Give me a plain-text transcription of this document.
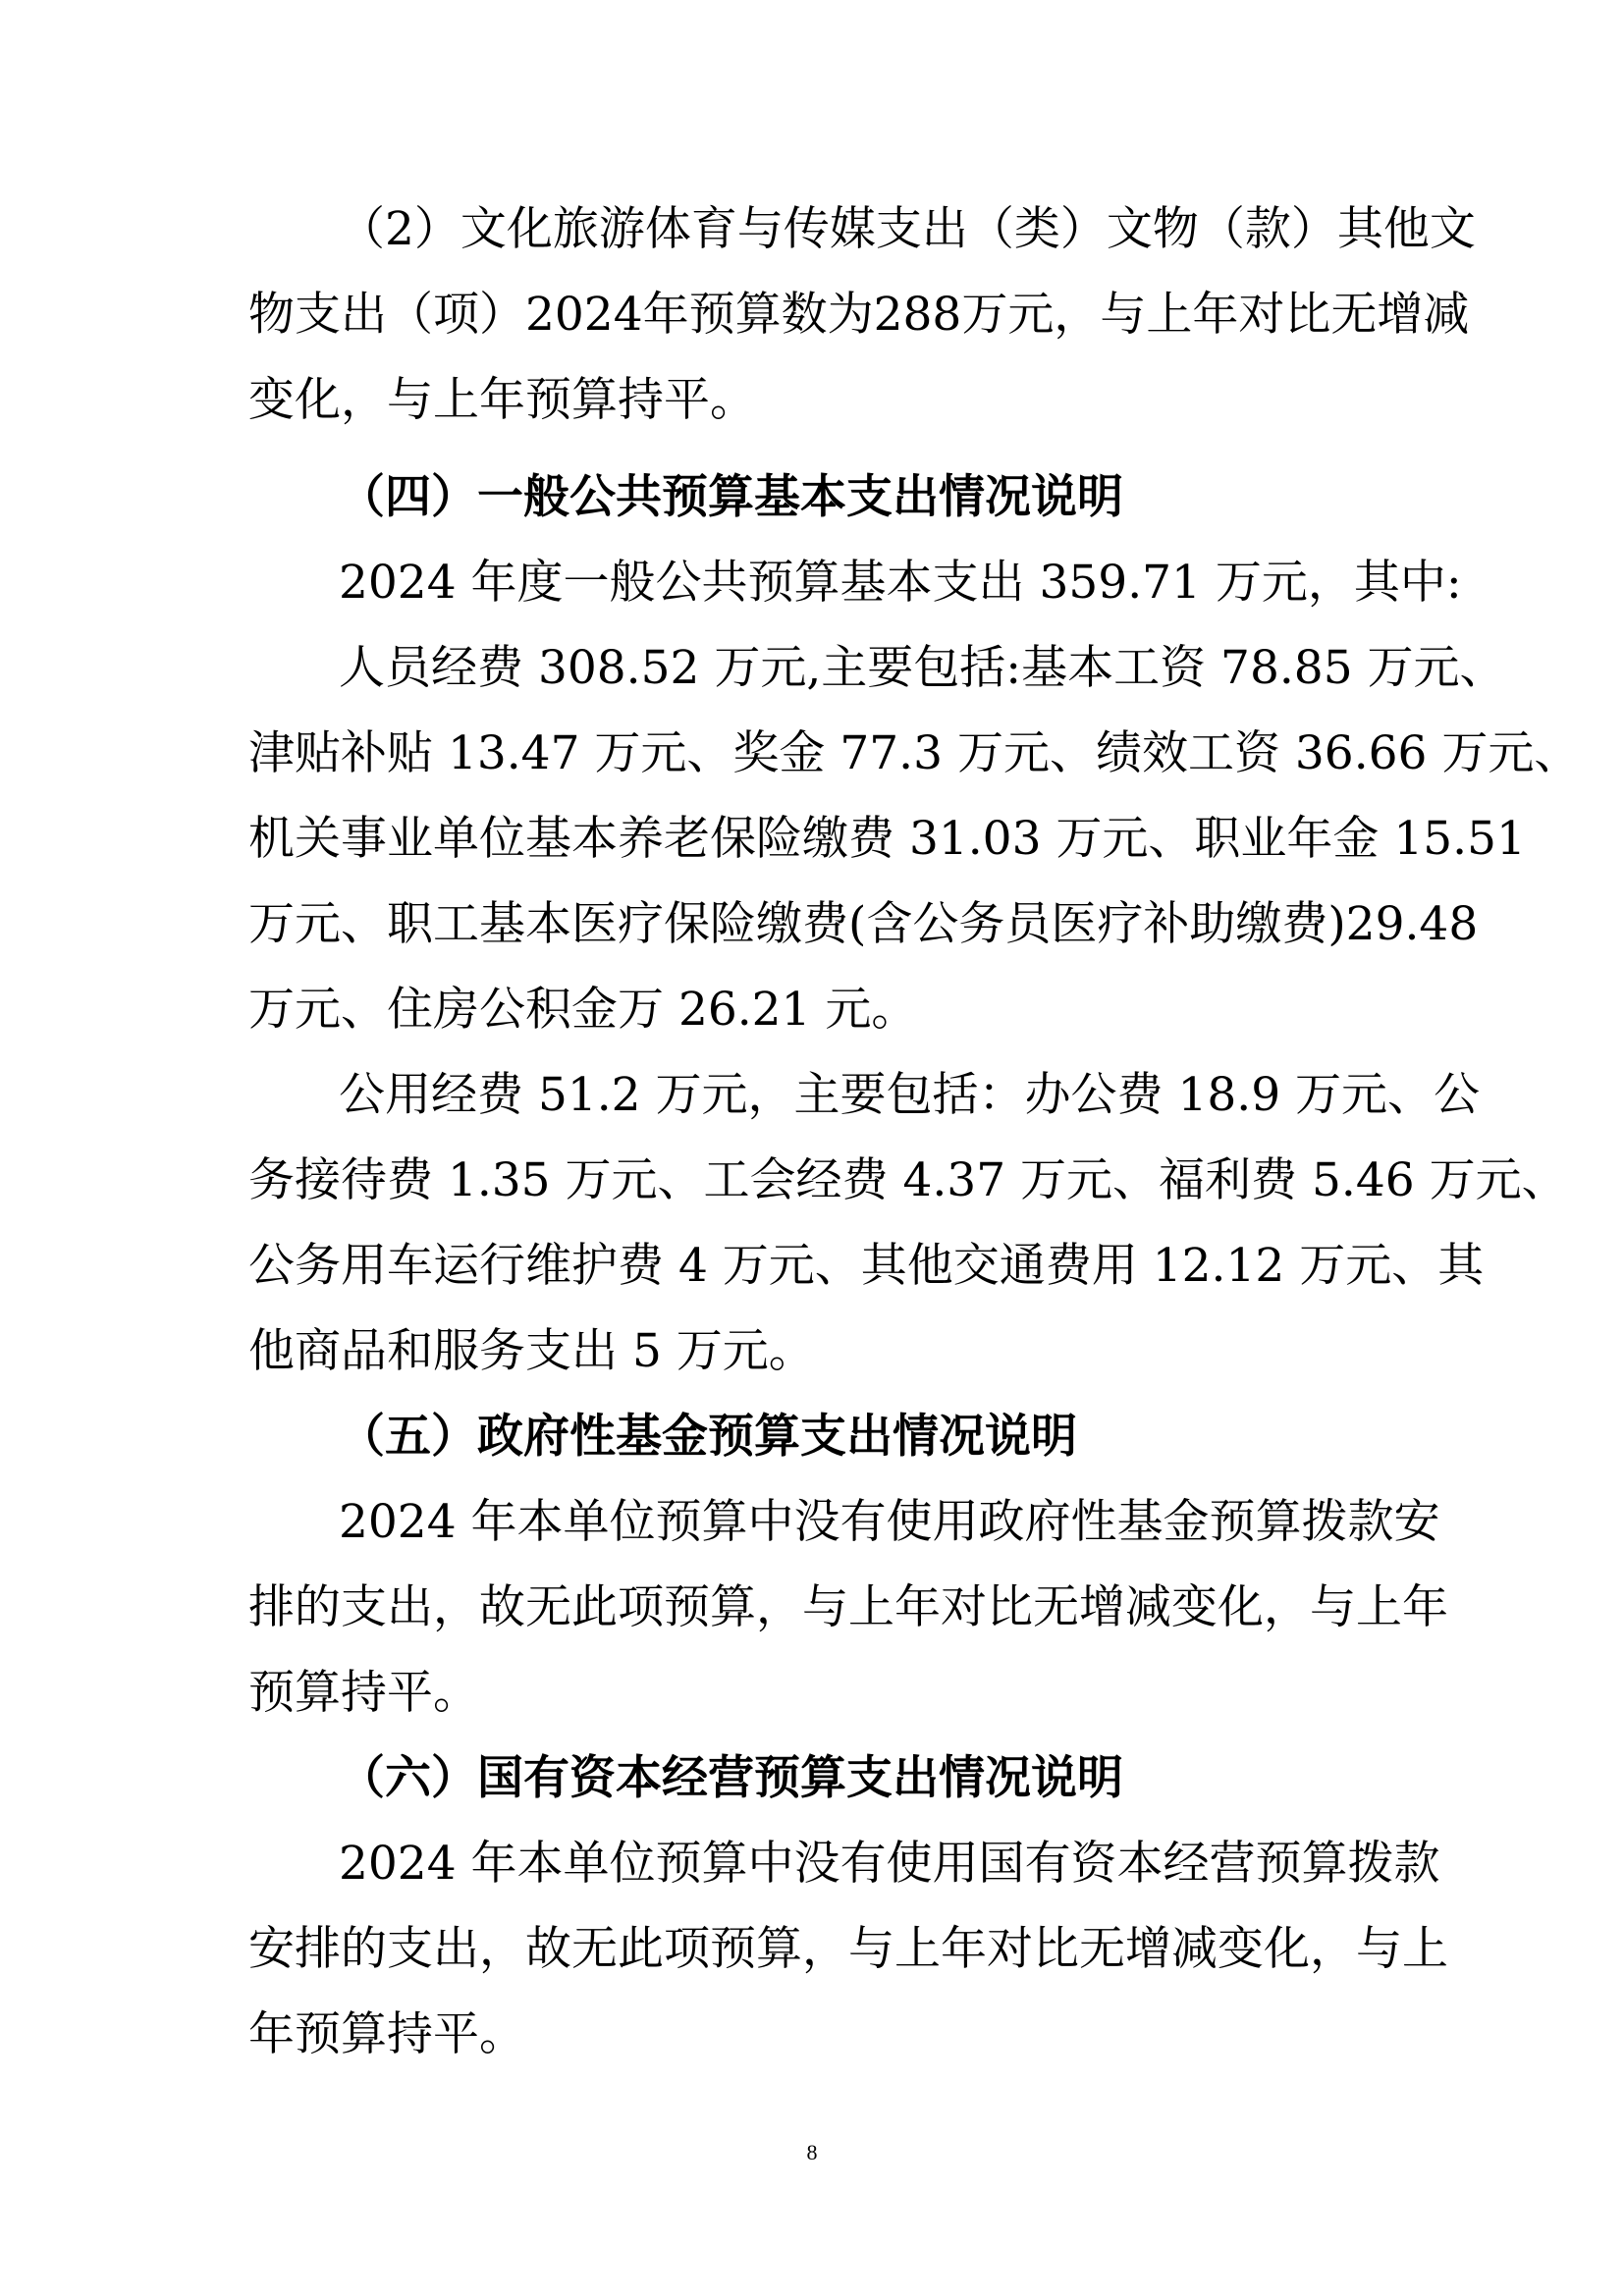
（2）文化旅游体育与传媒支出（类）文物（款）其他文
物支出（项）2024年预算数为288万元，与上年对比无增减
变化，与上年预算持平。
（四）一般公共预算基本支出情况说明
2024 年度一般公共预算基本支出 359.71 万元，其中:
人员经费 308.52 万元,主要包括:基本工资 78.85 万元、
津贴补贴 13.47 万元、奖金 77.3 万元、绩效工资 36.66 万元、
机关事业单位基本养老保险缴费 31.03 万元、职业年金 15.51
万元、职工基本医疗保险缴费(含公务员医疗补助缴费)29.48
万元、住房公积金万 26.21 元。
公用经费 51.2 万元，主要包括：办公费 18.9 万元、公
务接待费 1.35 万元、工会经费 4.37 万元、福利费 5.46 万元、
公务用车运行维护费 4 万元、其他交通费用 12.12 万元、其
他商品和服务支出 5 万元。
（五）政府性基金预算支出情况说明
2024 年本单位预算中没有使用政府性基金预算拨款安
排的支出，故无此项预算，与上年对比无增减变化，与上年
预算持平。
（六）国有资本经营预算支出情况说明
2024 年本单位预算中没有使用国有资本经营预算拨款
安排的支出，故无此项预算，与上年对比无增减变化，与上
年预算持平。
8
